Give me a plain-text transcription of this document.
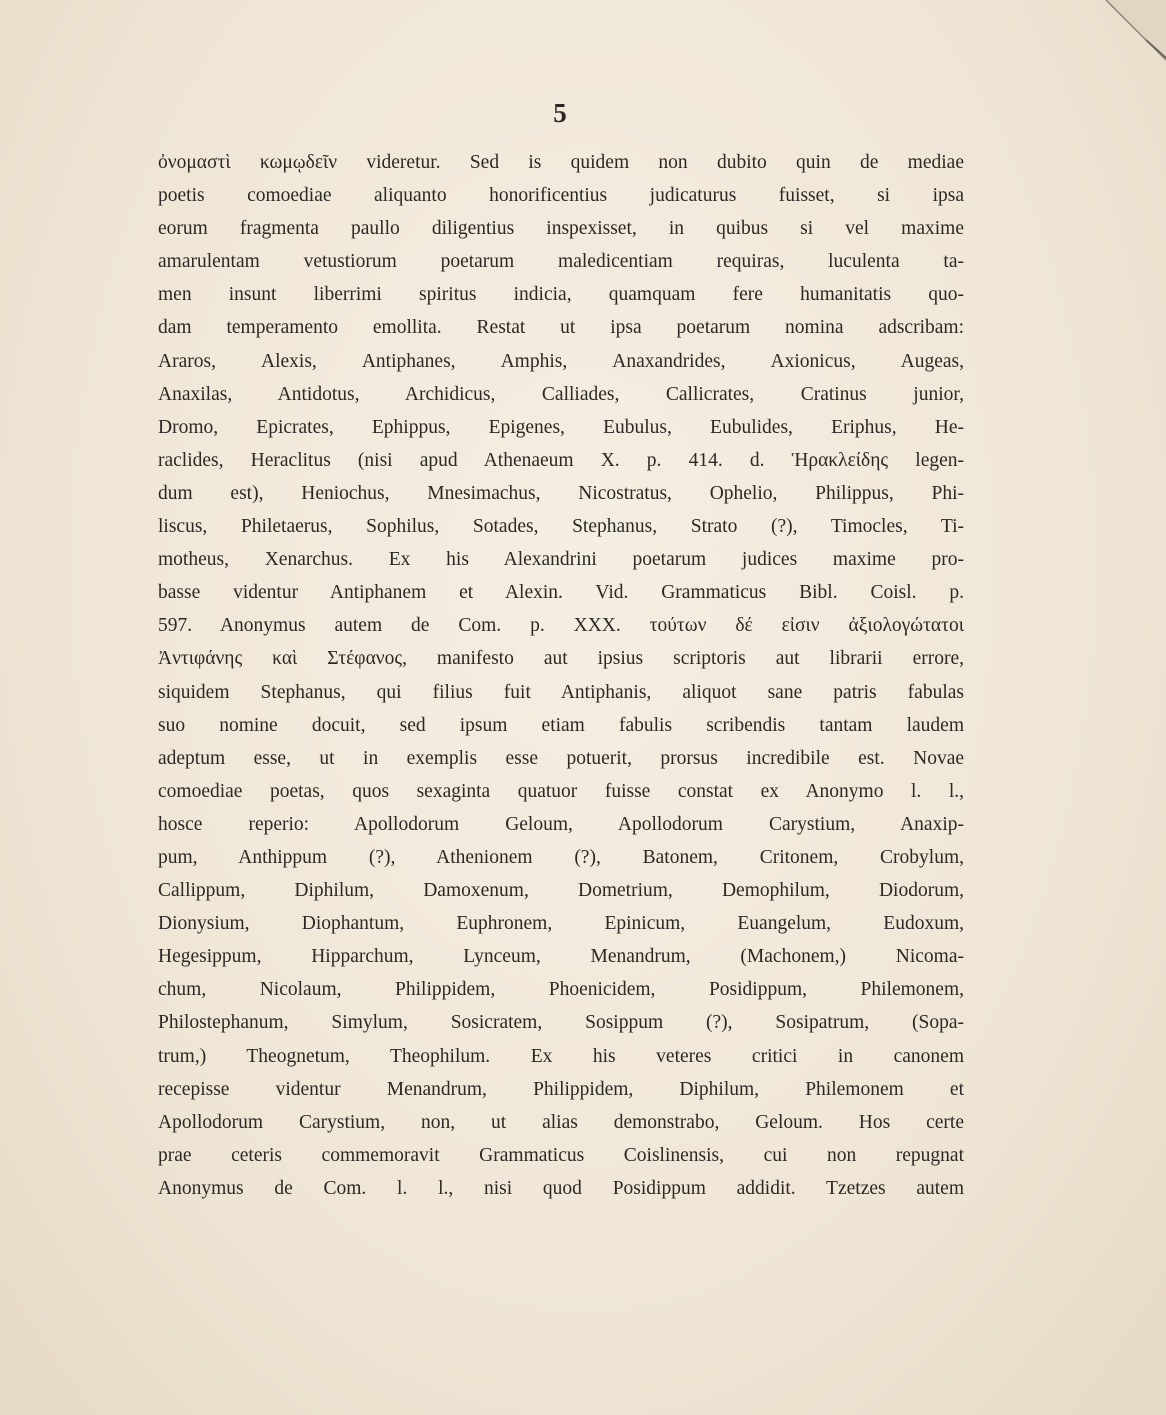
5
ὀνομαστὶ κωμῳδεῖν videretur. Sed is quidem non dubito quin de mediae
poetis comoediae aliquanto honorificentius judicaturus fuisset, si ipsa
eorum fragmenta paullo diligentius inspexisset, in quibus si vel maxime
amarulentam vetustiorum poetarum maledicentiam requiras, luculenta ta-
men insunt liberrimi spiritus indicia, quamquam fere humanitatis quo-
dam temperamento emollita. Restat ut ipsa poetarum nomina adscribam:
Araros, Alexis, Antiphanes, Amphis, Anaxandrides, Axionicus, Augeas,
Anaxilas, Antidotus, Archidicus, Calliades, Callicrates, Cratinus junior,
Dromo, Epicrates, Ephippus, Epigenes, Eubulus, Eubulides, Eriphus, He-
raclides, Heraclitus (nisi apud Athenaeum X. p. 414. d. Ἡρακλείδης legen-
dum est), Heniochus, Mnesimachus, Nicostratus, Ophelio, Philippus, Phi-
liscus, Philetaerus, Sophilus, Sotades, Stephanus, Strato (?), Timocles, Ti-
motheus, Xenarchus. Ex his Alexandrini poetarum judices maxime pro-
basse videntur Antiphanem et Alexin. Vid. Grammaticus Bibl. Coisl. p.
597. Anonymus autem de Com. p. XXX. τούτων δέ εἰσιν ἀξιολογώτατοι
Ἀντιφάνης καὶ Στέφανος, manifesto aut ipsius scriptoris aut librarii errore,
siquidem Stephanus, qui filius fuit Antiphanis, aliquot sane patris fabulas
suo nomine docuit, sed ipsum etiam fabulis scribendis tantam laudem
adeptum esse, ut in exemplis esse potuerit, prorsus incredibile est. Novae
comoediae poetas, quos sexaginta quatuor fuisse constat ex Anonymo l. l.,
hosce reperio: Apollodorum Geloum, Apollodorum Carystium, Anaxip-
pum, Anthippum (?), Athenionem (?), Batonem, Critonem, Crobylum,
Callippum, Diphilum, Damoxenum, Dometrium, Demophilum, Diodorum,
Dionysium, Diophantum, Euphronem, Epinicum, Euangelum, Eudoxum,
Hegesippum, Hipparchum, Lynceum, Menandrum, (Machonem,) Nicoma-
chum, Nicolaum, Philippidem, Phoenicidem, Posidippum, Philemonem,
Philostephanum, Simylum, Sosicratem, Sosippum (?), Sosipatrum, (Sopa-
trum,) Theognetum, Theophilum. Ex his veteres critici in canonem
recepisse videntur Menandrum, Philippidem, Diphilum, Philemonem et
Apollodorum Carystium, non, ut alias demonstrabo, Geloum. Hos certe
prae ceteris commemoravit Grammaticus Coislinensis, cui non repugnat
Anonymus de Com. l. l., nisi quod Posidippum addidit. Tzetzes autem
